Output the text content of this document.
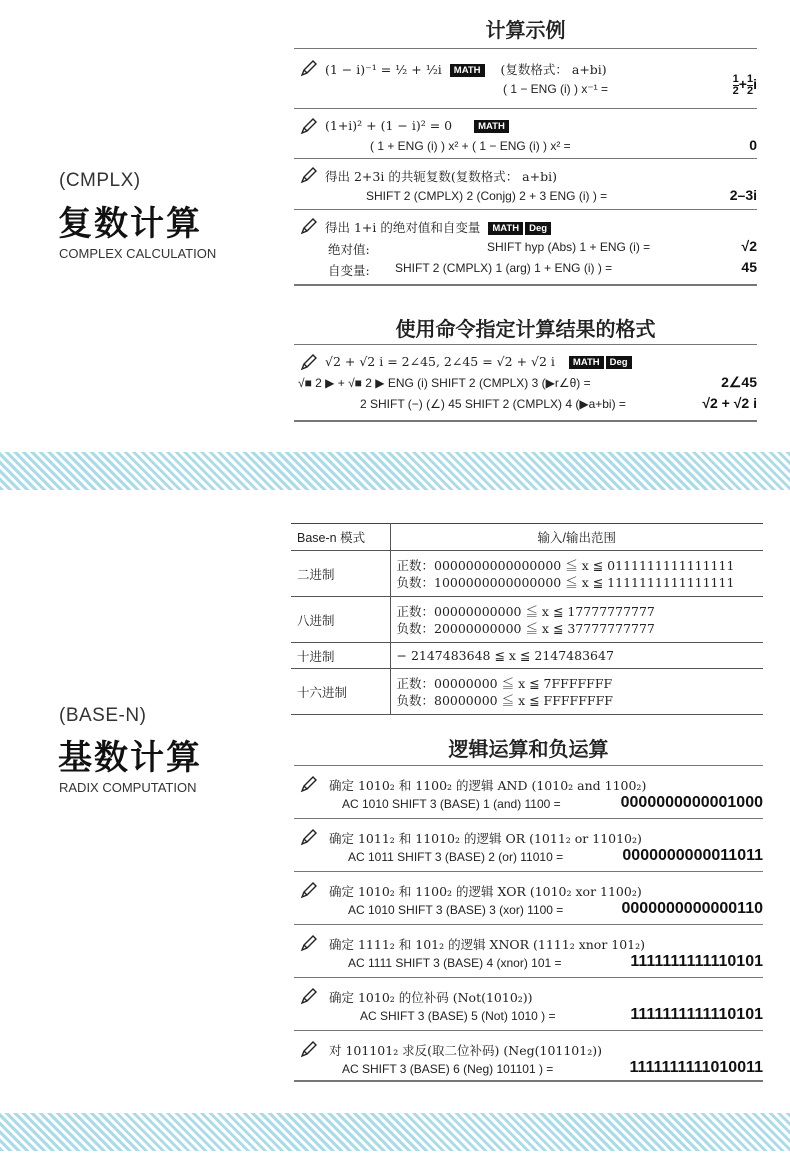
计算示例
(CMPLX)
复数计算
COMPLEX CALCULATION
(1 − i)⁻¹ = ½ + ½i MATH (复数格式： a+bi)
( 1 − ENG (i) ) x⁻¹ =	$\frac{1}{2} + \frac{1}{2}$ i
(1+i)² + (1 − i)² = 0	MATH
( 1 + ENG (i) ) x² + ( 1 − ENG (i) ) x² =	0
得出 2+3i 的共轭复数(复数格式： a+bi)
SHIFT 2 (CMPLX) 2 (Conjg) 2 + 3 ENG (i) ) =	2–3i
得出 1+i 的绝对值和自变量 MATH Deg
绝对值:	SHIFT hyp (Abs) 1 + ENG (i) =	√2
自变量: SHIFT 2 (CMPLX) 1 (arg) 1 + ENG (i) ) =	45
使用命令指定计算结果的格式
√2 + √2 i = 2∠45, 2∠45 = √2 + √2 i MATH Deg
√■ 2 ▶ + √■ 2 ▶ ENG (i) SHIFT 2 (CMPLX) 3 (▶r∠θ) =	2∠45
2 SHIFT (−) (∠) 45 SHIFT 2 (CMPLX) 4 (▶a+bi) =	√2 + √2 i
(BASE-N)
基数计算
RADIX COMPUTATION
Base-n 模式	输入/输出范围
二进制	正数：0000000000000000 ≦ x ≦ 0111111111111111
负数：1000000000000000 ≦ x ≦ 1111111111111111

八进制	正数：00000000000 ≦ x ≦ 17777777777
负数：20000000000 ≦ x ≦ 37777777777

十进制	− 2147483648 ≦ x ≦ 2147483647

十六进制	正数：00000000 ≦ x ≦ 7FFFFFFF
负数：80000000 ≦ x ≦ FFFFFFFF
逻辑运算和负运算
确定 1010₂ 和 1100₂ 的逻辑 AND (1010₂ and 1100₂)
AC 1010 SHIFT 3 (BASE) 1 (and) 1100 =	0000000000001000
确定 1011₂ 和 11010₂ 的逻辑 OR (1011₂ or 11010₂)
AC 1011 SHIFT 3 (BASE) 2 (or) 11010 =	0000000000011011
确定 1010₂ 和 1100₂ 的逻辑 XOR (1010₂ xor 1100₂)
AC 1010 SHIFT 3 (BASE) 3 (xor) 1100 =	0000000000000110
确定 1111₂ 和 101₂ 的逻辑 XNOR (1111₂ xnor 101₂)
AC 1111 SHIFT 3 (BASE) 4 (xnor) 101 =	1111111111110101
确定 1010₂ 的位补码 (Not(1010₂))
AC SHIFT 3 (BASE) 5 (Not) 1010 ) =	1111111111110101
对 101101₂ 求反(取二位补码) (Neg(101101₂))
AC SHIFT 3 (BASE) 6 (Neg) 101101 ) =	1111111111010011
